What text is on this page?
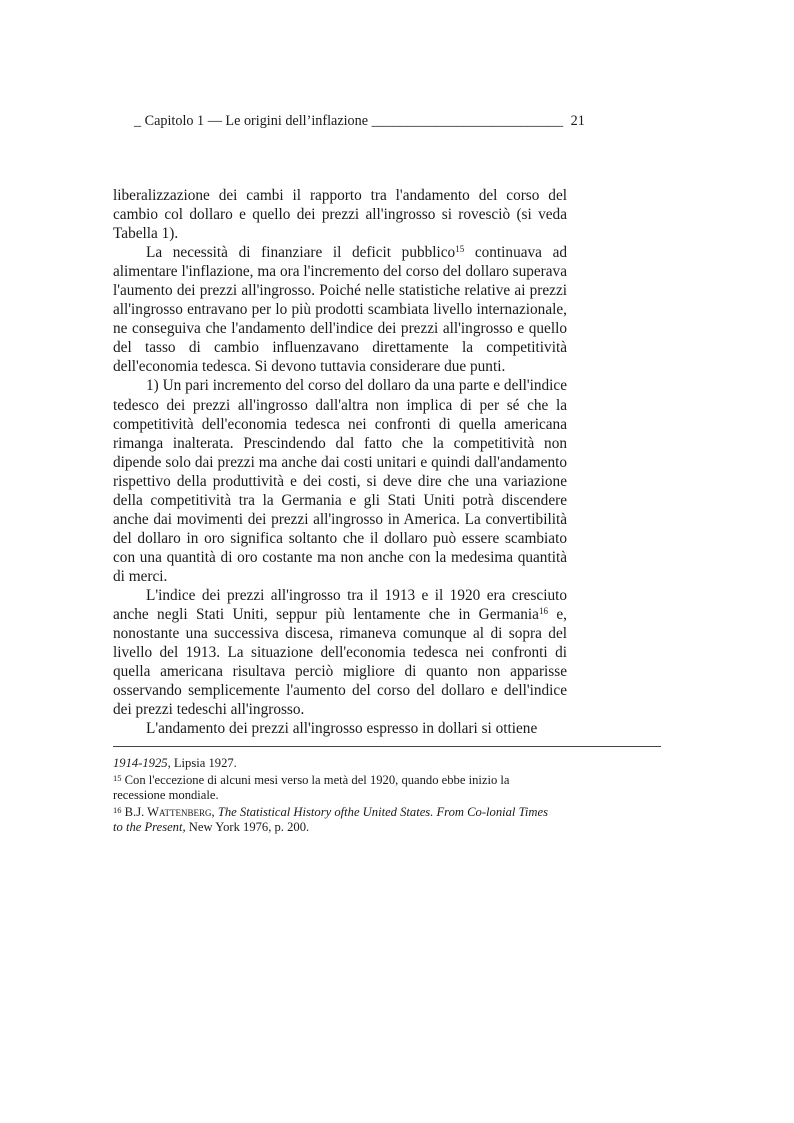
_ Capitolo 1 — Le origini dell’inflazione ___________________________ 21

liberalizzazione dei cambi il rapporto tra l'andamento del corso del cambio col dollaro e quello dei prezzi all'ingrosso si rovesciò (si veda Tabella 1).

La necessità di finanziare il deficit pubblico$^{15}$ continuava ad alimentare l'inflazione, ma ora l'incremento del corso del dollaro superava l'aumento dei prezzi all'ingrosso. Poiché nelle statistiche relative ai prezzi all'ingrosso entravano per lo più prodotti scambiata livello internazionale, ne conseguiva che l'andamento dell'indice dei prezzi all'ingrosso e quello del tasso di cambio influenzavano direttamente la competitività dell'economia tedesca. Si devono tuttavia considerare due punti.

1) Un pari incremento del corso del dollaro da una parte e dell'indice tedesco dei prezzi all'ingrosso dall'altra non implica di per sé che la competitività dell'economia tedesca nei confronti di quella americana rimanga inalterata. Prescindendo dal fatto che la competitività non dipende solo dai prezzi ma anche dai costi unitari e quindi dall'andamento rispettivo della produttività e dei costi, si deve dire che una variazione della competitività tra la Germania e gli Stati Uniti potrà discendere anche dai movimenti dei prezzi all'ingrosso in America. La convertibilità del dollaro in oro significa soltanto che il dollaro può essere scambiato con una quantità di oro costante ma non anche con la medesima quantità di merci.

L'indice dei prezzi all'ingrosso tra il 1913 e il 1920 era cresciuto anche negli Stati Uniti, seppur più lentamente che in Germania$^{16}$ e, nonostante una successiva discesa, rimaneva comunque al di sopra del livello del 1913. La situazione dell'economia tedesca nei confronti di quella americana risultava perciò migliore di quanto non apparisse osservando semplicemente l'aumento del corso del dollaro e dell'indice dei prezzi tedeschi all'ingrosso.

L'andamento dei prezzi all'ingrosso espresso in dollari si ottiene

1914-1925, Lipsia 1927.

$^{15}$ Con l'eccezione di alcuni mesi verso la metà del 1920, quando ebbe inizio la recessione mondiale.

$^{16}$ B.J. Wattenberg, The Statistical History ofthe United States. From Co-lonial Times to the Present, New York 1976, p. 200.
